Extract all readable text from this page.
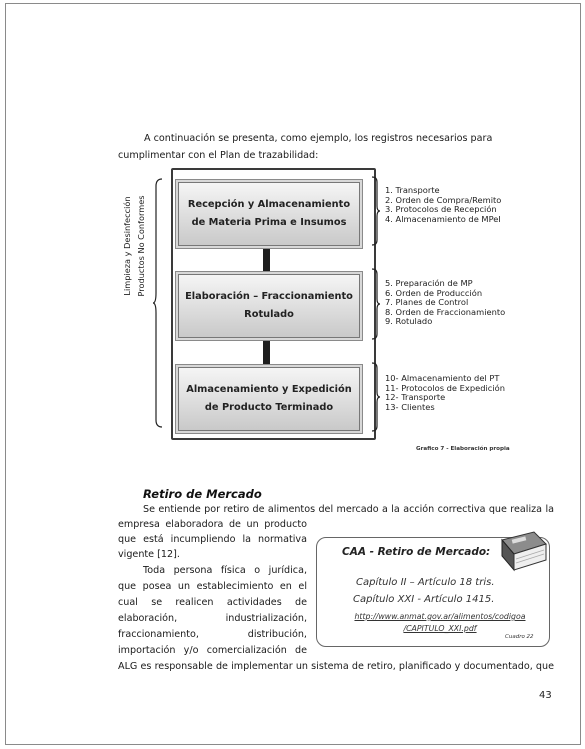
A continuación se presenta, como ejemplo, los registros necesarios para
cumplimentar con el Plan de trazabilidad:
Limpieza y Desinfección Productos No Conformes	Recepción y Almacenamiento
de Materia Prima e Insumos
Elaboración – Fraccionamiento
Rotulado
Almacenamiento y Expedición
de Producto Terminado
1. Transporte
2. Orden de Compra/Remito
3. Protocolos de Recepción
4. Almacenamiento de MPeI
5. Preparación de MP
6. Orden de Producción
7. Planes de Control
8. Orden de Fraccionamiento
9. Rotulado
10- Almacenamiento del PT
11- Protocolos de Expedición
12- Transporte
13- Clientes
Grafico 7 - Elaboración propia
Retiro de Mercado
Se entiende por retiro de alimentos del mercado a la acción correctiva que realiza la
empresa elaboradora de un producto
que está incumpliendo la normativa
vigente [12].
Toda persona física o jurídica,
que posea un establecimiento en el
cual se realicen actividades de
elaboración, industrialización,
fraccionamiento, distribución,
importación y/o comercialización de
ALG es responsable de implementar un sistema de retiro, planificado y documentado, que
CAA - Retiro de Mercado:
Capítulo II – Artículo 18 tris.
Capítulo XXI - Artículo 1415.
http://www.anmat.gov.ar/alimentos/codigoa
/CAPITULO_XXI.pdf
Cuadro 22
43
